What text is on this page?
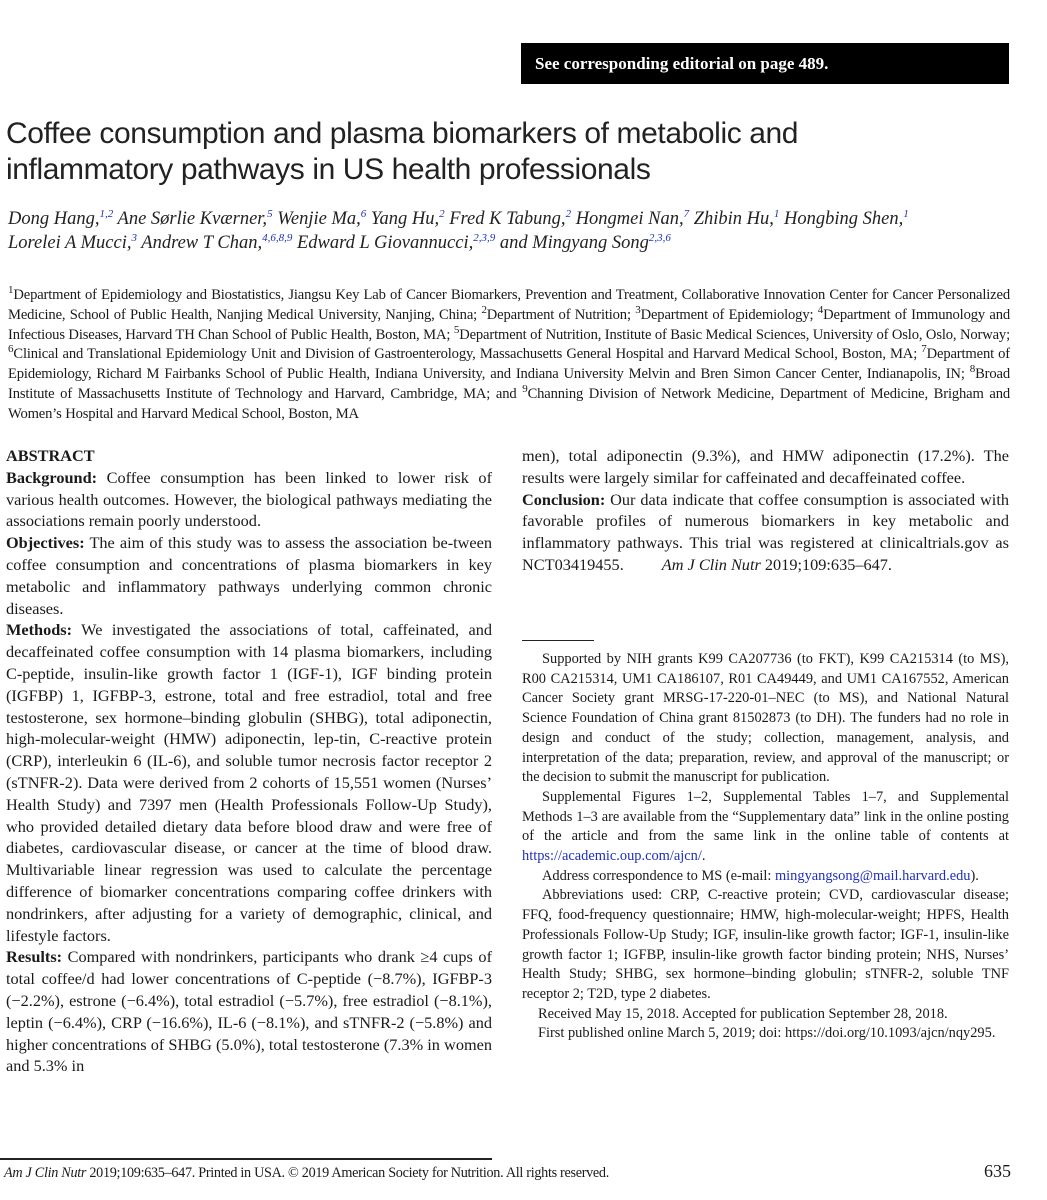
See corresponding editorial on page 489.
Coffee consumption and plasma biomarkers of metabolic and inflammatory pathways in US health professionals
Dong Hang,$^{1,2}$ Ane Sørlie Kværner,$^5$ Wenjie Ma,$^6$ Yang Hu,$^2$ Fred K Tabung,$^2$ Hongmei Nan,$^7$ Zhibin Hu,$^1$ Hongbing Shen,$^1$
Lorelei A Mucci,$^3$ Andrew T Chan,$^{4,6,8,9}$ Edward L Giovannucci,$^{2,3,9}$ and Mingyang Song$^{2,3,6}$
$^1$Department of Epidemiology and Biostatistics, Jiangsu Key Lab of Cancer Biomarkers, Prevention and Treatment, Collaborative Innovation Center for Cancer Personalized Medicine, School of Public Health, Nanjing Medical University, Nanjing, China; $^2$Department of Nutrition; $^3$Department of Epidemiology; $^4$Department of Immunology and Infectious Diseases, Harvard TH Chan School of Public Health, Boston, MA; $^5$Department of Nutrition, Institute of Basic Medical Sciences, University of Oslo, Oslo, Norway; $^6$Clinical and Translational Epidemiology Unit and Division of Gastroenterology, Massachusetts General Hospital and Harvard Medical School, Boston, MA; $^7$Department of Epidemiology, Richard M Fairbanks School of Public Health, Indiana University, and Indiana University Melvin and Bren Simon Cancer Center, Indianapolis, IN; $^8$Broad Institute of Massachusetts Institute of Technology and Harvard, Cambridge, MA; and $^9$Channing Division of Network Medicine, Department of Medicine, Brigham and Women’s Hospital and Harvard Medical School, Boston, MA
ABSTRACT

Background: Coffee consumption has been linked to lower risk of various health outcomes. However, the biological pathways mediating the associations remain poorly understood.

Objectives: The aim of this study was to assess the association be-tween coffee consumption and concentrations of plasma biomarkers in key metabolic and inflammatory pathways underlying common chronic diseases.

Methods: We investigated the associations of total, caffeinated, and decaffeinated coffee consumption with 14 plasma biomarkers, including C-peptide, insulin-like growth factor 1 (IGF-1), IGF binding protein (IGFBP) 1, IGFBP-3, estrone, total and free estradiol, total and free testosterone, sex hormone–binding globulin (SHBG), total adiponectin, high-molecular-weight (HMW) adiponectin, lep-tin, C-reactive protein (CRP), interleukin 6 (IL-6), and soluble tumor necrosis factor receptor 2 (sTNFR-2). Data were derived from 2 cohorts of 15,551 women (Nurses’ Health Study) and 7397 men (Health Professionals Follow-Up Study), who provided detailed dietary data before blood draw and were free of diabetes, cardiovascular disease, or cancer at the time of blood draw. Multivariable linear regression was used to calculate the percentage difference of biomarker concentrations comparing coffee drinkers with nondrinkers, after adjusting for a variety of demographic, clinical, and lifestyle factors.

Results: Compared with nondrinkers, participants who drank ≥4 cups of total coffee/d had lower concentrations of C-peptide (−8.7%), IGFBP-3 (−2.2%), estrone (−6.4%), total estradiol (−5.7%), free estradiol (−8.1%), leptin (−6.4%), CRP (−16.6%), IL-6 (−8.1%), and sTNFR-2 (−5.8%) and higher concentrations of SHBG (5.0%), total testosterone (7.3% in women and 5.3% in

men), total adiponectin (9.3%), and HMW adiponectin (17.2%). The results were largely similar for caffeinated and decaffeinated coffee.

Conclusion: Our data indicate that coffee consumption is associated with favorable profiles of numerous biomarkers in key metabolic and inflammatory pathways. This trial was registered at clinicaltrials.gov as NCT03419455. Am J Clin Nutr 2019;109:635–647.

Supported by NIH grants K99 CA207736 (to FKT), K99 CA215314 (to MS), R00 CA215314, UM1 CA186107, R01 CA49449, and UM1 CA167552, American Cancer Society grant MRSG-17-220-01–NEC (to MS), and National Natural Science Foundation of China grant 81502873 (to DH). The funders had no role in design and conduct of the study; collection, management, analysis, and interpretation of the data; preparation, review, and approval of the manuscript; or the decision to submit the manuscript for publication.

Supplemental Figures 1–2, Supplemental Tables 1–7, and Supplemental Methods 1–3 are available from the “Supplementary data” link in the online posting of the article and from the same link in the online table of contents at https://academic.oup.com/ajcn/.

Address correspondence to MS (e-mail: mingyangsong@mail.harvard.edu).

Abbreviations used: CRP, C-reactive protein; CVD, cardiovascular disease; FFQ, food-frequency questionnaire; HMW, high-molecular-weight; HPFS, Health Professionals Follow-Up Study; IGF, insulin-like growth factor; IGF-1, insulin-like growth factor 1; IGFBP, insulin-like growth factor binding protein; NHS, Nurses’ Health Study; SHBG, sex hormone–binding globulin; sTNFR-2, soluble TNF receptor 2; T2D, type 2 diabetes.

Received May 15, 2018. Accepted for publication September 28, 2018.

First published online March 5, 2019; doi: https://doi.org/10.1093/ajcn/nqy295.

Am J Clin Nutr 2019;109:635–647. Printed in USA. © 2019 American Society for Nutrition. All rights reserved.	635
